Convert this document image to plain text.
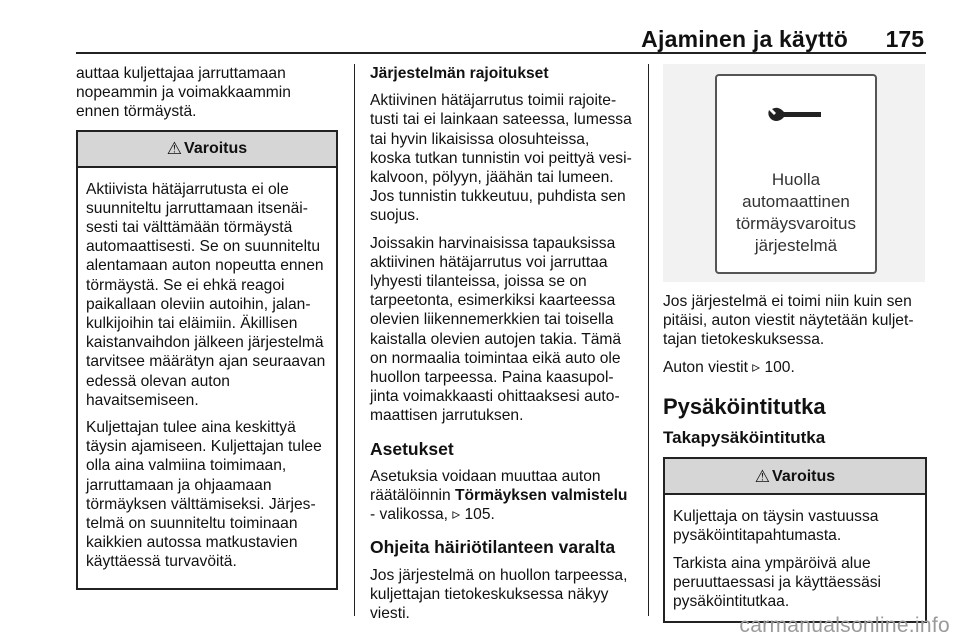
Ajaminen ja käyttö 175

auttaa kuljettajaa jarruttamaan nopeammin ja voimakkaammin ennen törmäystä.

⚠ Varoitus

Aktiivista hätäjarrutusta ei ole suunniteltu jarruttamaan itsenäisesti tai välttämään törmäystä automaattisesti. Se on suunniteltu alentamaan auton nopeutta ennen törmäystä. Se ei ehkä reagoi paikallaan oleviin autoihin, jalankulkijoihin tai eläimiin. Äkillisen kaistanvaihdon jälkeen järjestelmä tarvitsee määrätyn ajan seuraavan edessä olevan auton havaitsemiseen.

Kuljettajan tulee aina keskittyä täysin ajamiseen. Kuljettajan tulee olla aina valmiina toimimaan, jarruttamaan ja ohjaamaan törmäyksen välttämiseksi. Järjestelmä on suunniteltu toiminaan kaikkien autossa matkustavien käyttäessä turvavöitä.

Järjestelmän rajoitukset

Aktiivinen hätäjarrutus toimii rajoitetusti tai ei lainkaan sateessa, lumessa tai hyvin likaisissa olosuhteissa, koska tutkan tunnistin voi peittyä vesikalvoon, pölyyn, jäähän tai lumeen. Jos tunnistin tukkeutuu, puhdista sen suojus.

Joissakin harvinaisissa tapauksissa aktiivinen hätäjarrutus voi jarruttaa lyhyesti tilanteissa, joissa se on tarpeetonta, esimerkiksi kaarteessa olevien liikennemerkkien tai toisella kaistalla olevien autojen takia. Tämä on normaalia toimintaa eikä auto ole huollon tarpeessa. Paina kaasupoljinta voimakkaasti ohittaaksesi automaattisen jarrutuksen.

Asetukset

Asetuksia voidaan muuttaa auton räätälöinnin Törmäyksen valmistelu - valikossa, ▹ 105.

Ohjeita häiriötilanteen varalta

Jos järjestelmä on huollon tarpeessa, kuljettajan tietokeskuksessa näkyy viesti.

Huolla
automaattinen
törmäysvaroitus
järjestelmä

Jos järjestelmä ei toimi niin kuin sen pitäisi, auton viestit näytetään kuljettajan tietokeskuksessa.

Auton viestit ▹ 100.

Pysäköintitutka
Takapysäköintitutka
⚠ Varoitus

Kuljettaja on täysin vastuussa pysäköintitapahtumasta.

Tarkista aina ympäröivä alue peruuttaessasi ja käyttäessäsi pysäköintitutkaa.

carmanualsonline.info
